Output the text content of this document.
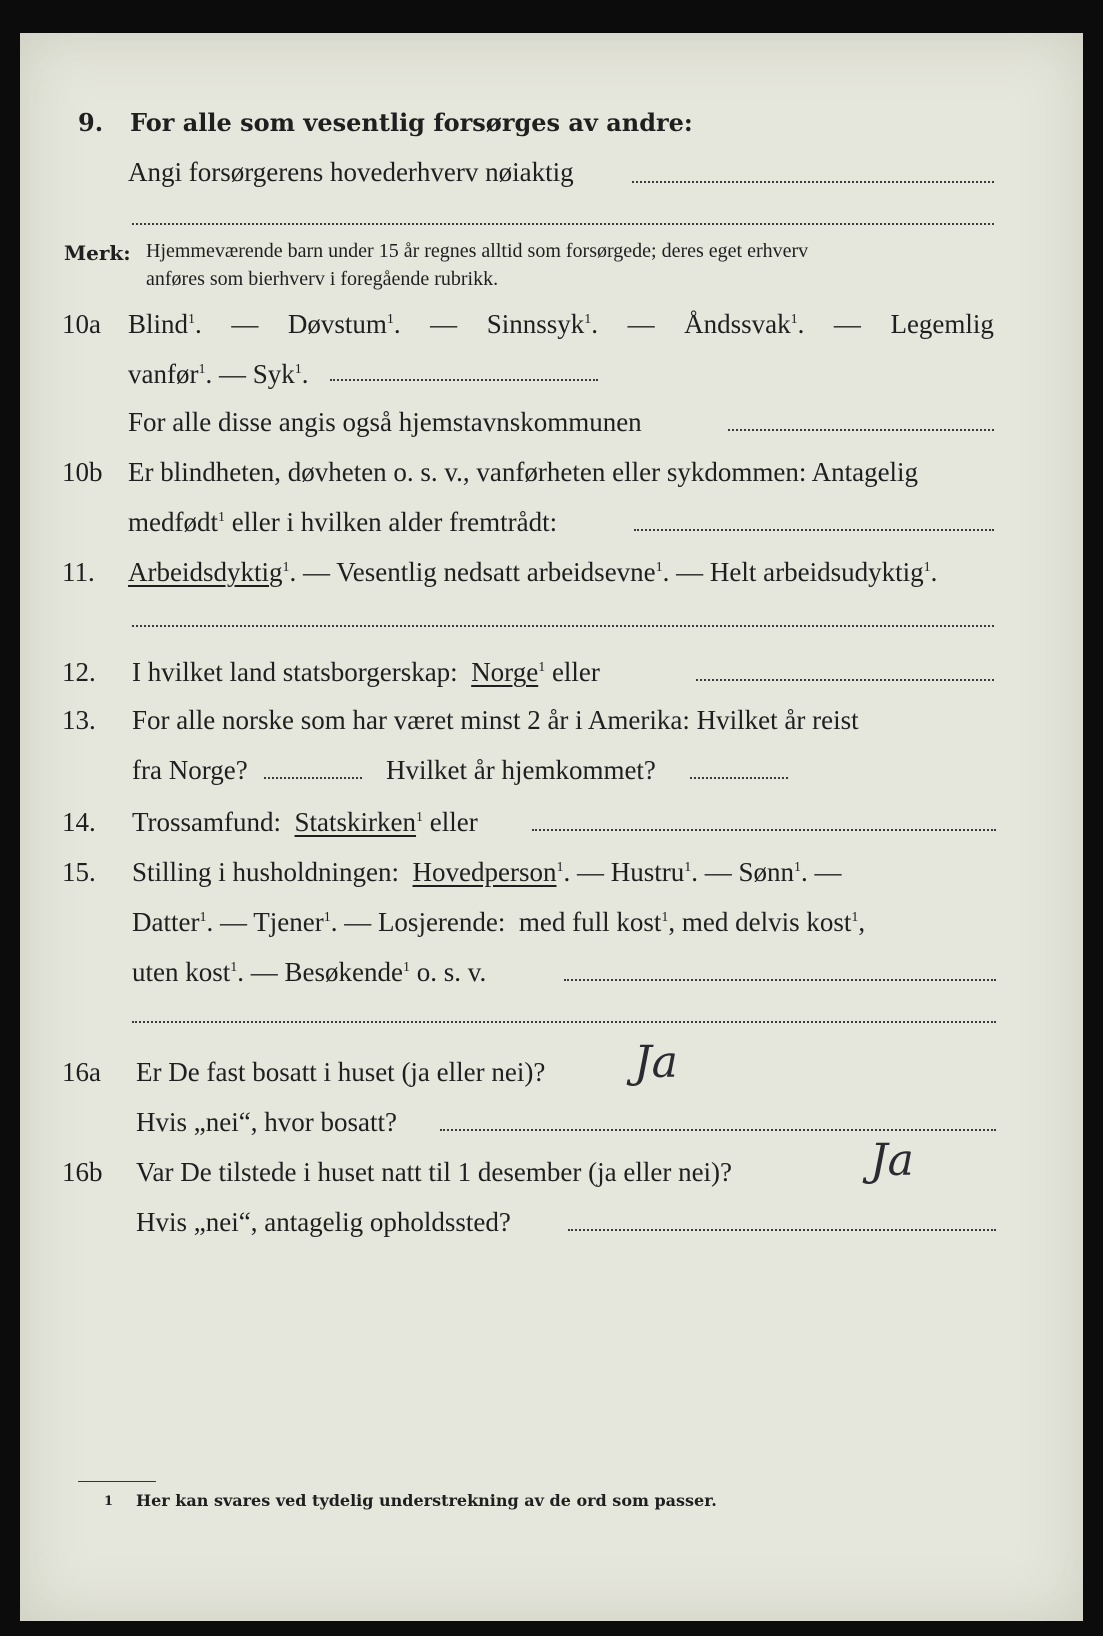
9. For alle som vesentlig forsørges av andre:
Angi forsørgerens hovederhverv nøiaktig
Merk: Hjemmeværende barn under 15 år regnes alltid som forsørgede; deres eget erhverv
anføres som bierhverv i foregående rubrikk.
10a Blind$^1$. — Døvstum$^1$. — Sinnssyk$^1$. — Åndssvak$^1$. — Legemlig
vanfør$^1$. — Syk$^1$.
For alle disse angis også hjemstavnskommunen
10b Er blindheten, døvheten o. s. v., vanførheten eller sykdommen: Antagelig
medfødt$^1$ eller i hvilken alder fremtrådt:
11. Arbeidsdyktig$^1$. — Vesentlig nedsatt arbeidsevne$^1$. — Helt arbeidsudyktig$^1$.
12. I hvilket land statsborgerskap: Norge$^1$ eller
13. For alle norske som har været minst 2 år i Amerika: Hvilket år reist
fra Norge?	Hvilket år hjemkommet?
14. Trossamfund: Statskirken$^1$ eller
15. Stilling i husholdningen: Hovedperson$^1$. — Hustru$^1$. — Sønn$^1$. —
Datter$^1$. — Tjener$^1$. — Losjerende: med full kost$^1$, med delvis kost$^1$,
uten kost$^1$. — Besøkende$^1$ o. s. v.
16a Er De fast bosatt i huset (ja eller nei)? Ja
Hvis „nei“, hvor bosatt?
16b Var De tilstede i huset natt til 1 desember (ja eller nei)?	Ja
Hvis „nei“, antagelig opholdssted?
1 Her kan svares ved tydelig understrekning av de ord som passer.
